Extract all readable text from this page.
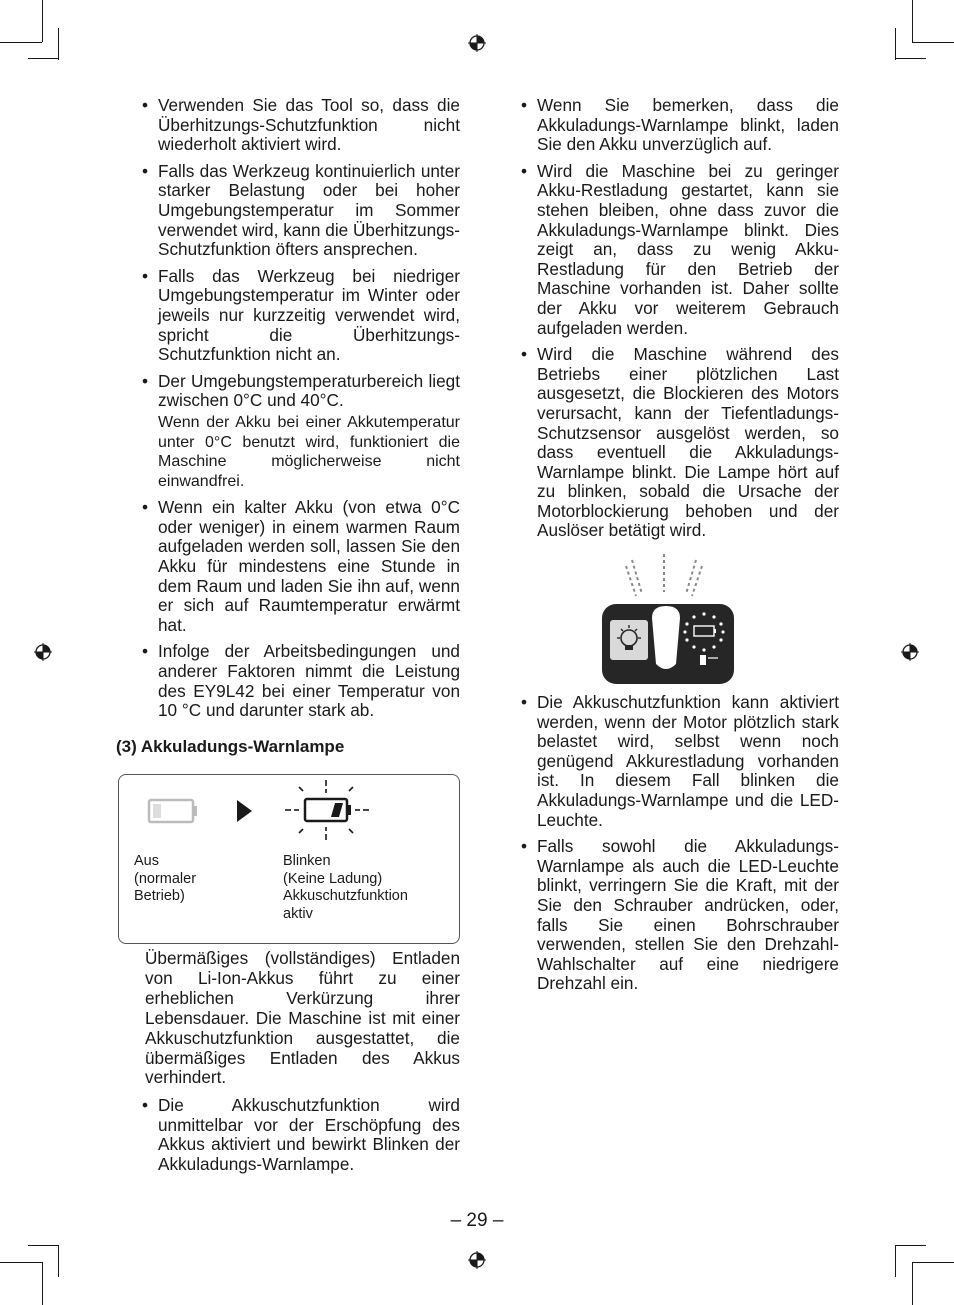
• Verwenden Sie das Tool so, dass die Überhitzungs-Schutzfunktion nicht wiederholt aktiviert wird.
• Falls das Werkzeug kontinuierlich unter starker Belastung oder bei hoher Umgebungstemperatur im Sommer verwendet wird, kann die Überhitzungs-Schutzfunktion öfters ansprechen.
• Falls das Werkzeug bei niedriger Umgebungstemperatur im Winter oder jeweils nur kurzzeitig verwendet wird, spricht die Überhitzungs-Schutzfunktion nicht an.
• Der Umgebungstemperaturbereich liegt zwischen 0°C und 40°C.
Wenn der Akku bei einer Akkutemperatur unter 0°C benutzt wird, funktioniert die Maschine möglicherweise nicht einwandfrei.
• Wenn ein kalter Akku (von etwa 0°C oder weniger) in einem warmen Raum aufgeladen werden soll, lassen Sie den Akku für mindestens eine Stunde in dem Raum und laden Sie ihn auf, wenn er sich auf Raumtemperatur erwärmt hat.
• Infolge der Arbeitsbedingungen und anderer Faktoren nimmt die Leistung des EY9L42 bei einer Temperatur von 10 °C und darunter stark ab.
(3) Akkuladungs-Warnlampe
Aus
(normaler
Betrieb)
Blinken
(Keine Ladung)
Akkuschutzfunktion
aktiv
Übermäßiges (vollständiges) Entladen von Li-Ion-Akkus führt zu einer erheblichen Verkürzung ihrer Lebensdauer. Die Maschine ist mit einer Akkuschutzfunktion ausgestattet, die übermäßiges Entladen des Akkus verhindert.
• Die Akkuschutzfunktion wird unmittelbar vor der Erschöpfung des Akkus aktiviert und bewirkt Blinken der Akkuladungs-Warnlampe.
• Wenn Sie bemerken, dass die Akkuladungs-Warnlampe blinkt, laden Sie den Akku unverzüglich auf.
• Wird die Maschine bei zu geringer Akku-Restladung gestartet, kann sie stehen bleiben, ohne dass zuvor die Akkuladungs-Warnlampe blinkt. Dies zeigt an, dass zu wenig Akku-Restladung für den Betrieb der Maschine vorhanden ist. Daher sollte der Akku vor weiterem Gebrauch aufgeladen werden.
• Wird die Maschine während des Betriebs einer plötzlichen Last ausgesetzt, die Blockieren des Motors verursacht, kann der Tiefentladungs-Schutzsensor ausgelöst werden, so dass eventuell die Akkuladungs-Warnlampe blinkt. Die Lampe hört auf zu blinken, sobald die Ursache der Motorblockierung behoben und der Auslöser betätigt wird.
• Die Akkuschutzfunktion kann aktiviert werden, wenn der Motor plötzlich stark belastet wird, selbst wenn noch genügend Akkurestladung vorhanden ist. In diesem Fall blinken die Akkuladungs-Warnlampe und die LED-Leuchte.
• Falls sowohl die Akkuladungs-Warnlampe als auch die LED-Leuchte blinkt, verringern Sie die Kraft, mit der Sie den Schrauber andrücken, oder, falls Sie einen Bohrschrauber verwenden, stellen Sie den Drehzahl-Wahlschalter auf eine niedrigere Drehzahl ein.
– 29 –
